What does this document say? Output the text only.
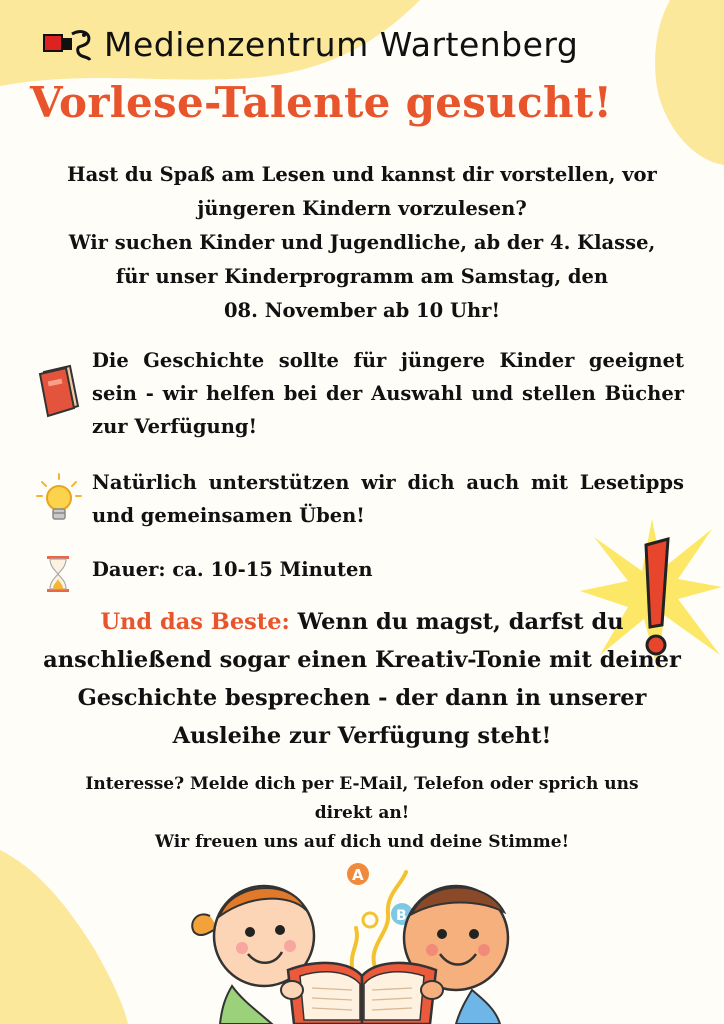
Medienzentrum Wartenberg
Vorlese-Talente gesucht!
Hast du Spaß am Lesen und kannst dir vorstellen, vor
jüngeren Kindern vorzulesen?
Wir suchen Kinder und Jugendliche, ab der 4. Klasse,
für unser Kinderprogramm am Samstag, den
08. November ab 10 Uhr!
Die Geschichte sollte für jüngere Kinder geeignet sein - wir helfen bei der Auswahl und stellen Bücher zur Verfügung!
Natürlich unterstützen wir dich auch mit Lesetipps und gemeinsamen Üben!
Dauer: ca. 10-15 Minuten
Und das Beste: Wenn du magst, darfst du
anschließend sogar einen Kreativ-Tonie mit deiner
Geschichte besprechen - der dann in unserer
Ausleihe zur Verfügung steht!
Interesse? Melde dich per E-Mail, Telefon oder sprich uns
direkt an!
Wir freuen uns auf dich und deine Stimme!
A
B
